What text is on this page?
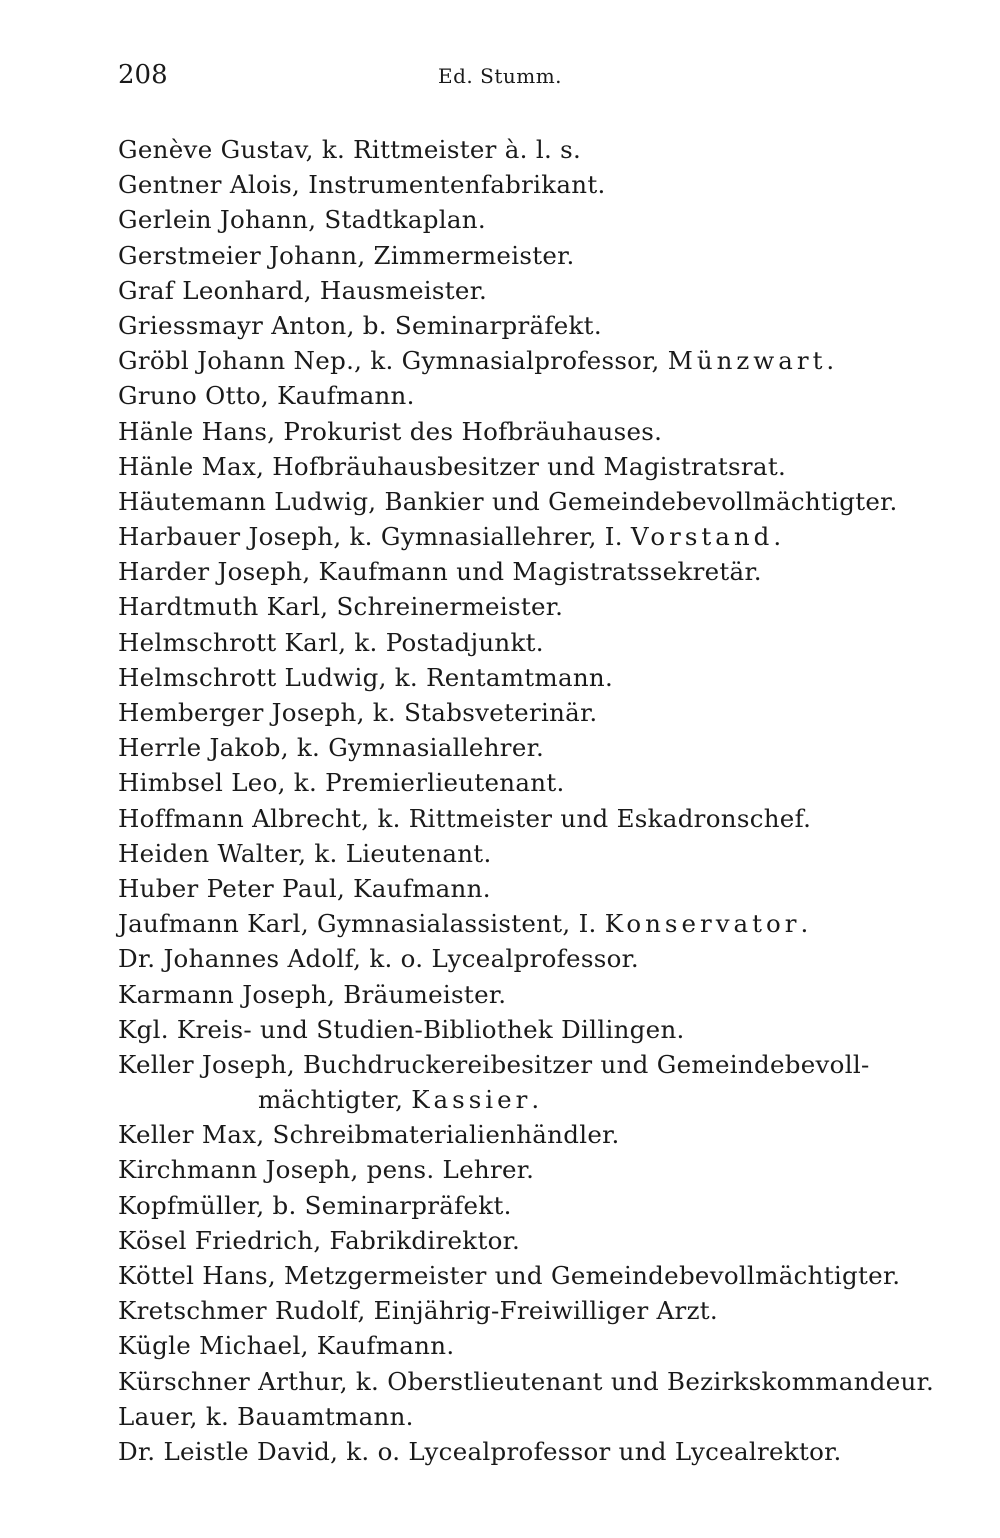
208	Ed. Stumm.
Genève Gustav, k. Rittmeister à. l. s.
Gentner Alois, Instrumentenfabrikant.
Gerlein Johann, Stadtkaplan.
Gerstmeier Johann, Zimmermeister.
Graf Leonhard, Hausmeister.
Griessmayr Anton, b. Seminarpräfekt.
Gröbl Johann Nep., k. Gymnasialprofessor, Münzwart.
Gruno Otto, Kaufmann.
Hänle Hans, Prokurist des Hofbräuhauses.
Hänle Max, Hofbräuhausbesitzer und Magistratsrat.
Häutemann Ludwig, Bankier und Gemeindebevollmächtigter.
Harbauer Joseph, k. Gymnasiallehrer, I. Vorstand.
Harder Joseph, Kaufmann und Magistratssekretär.
Hardtmuth Karl, Schreinermeister.
Helmschrott Karl, k. Postadjunkt.
Helmschrott Ludwig, k. Rentamtmann.
Hemberger Joseph, k. Stabsveterinär.
Herrle Jakob, k. Gymnasiallehrer.
Himbsel Leo, k. Premierlieutenant.
Hoffmann Albrecht, k. Rittmeister und Eskadronschef.
Heiden Walter, k. Lieutenant.
Huber Peter Paul, Kaufmann.
Jaufmann Karl, Gymnasialassistent, I. Konservator.
Dr. Johannes Adolf, k. o. Lycealprofessor.
Karmann Joseph, Bräumeister.
Kgl. Kreis- und Studien-Bibliothek Dillingen.
Keller Joseph, Buchdruckereibesitzer und Gemeindebevoll-
mächtigter, Kassier.
Keller Max, Schreibmaterialienhändler.
Kirchmann Joseph, pens. Lehrer.
Kopfmüller, b. Seminarpräfekt.
Kösel Friedrich, Fabrikdirektor.
Köttel Hans, Metzgermeister und Gemeindebevollmächtigter.
Kretschmer Rudolf, Einjährig-Freiwilliger Arzt.
Kügle Michael, Kaufmann.
Kürschner Arthur, k. Oberstlieutenant und Bezirkskommandeur.
Lauer, k. Bauamtmann.
Dr. Leistle David, k. o. Lycealprofessor und Lycealrektor.
